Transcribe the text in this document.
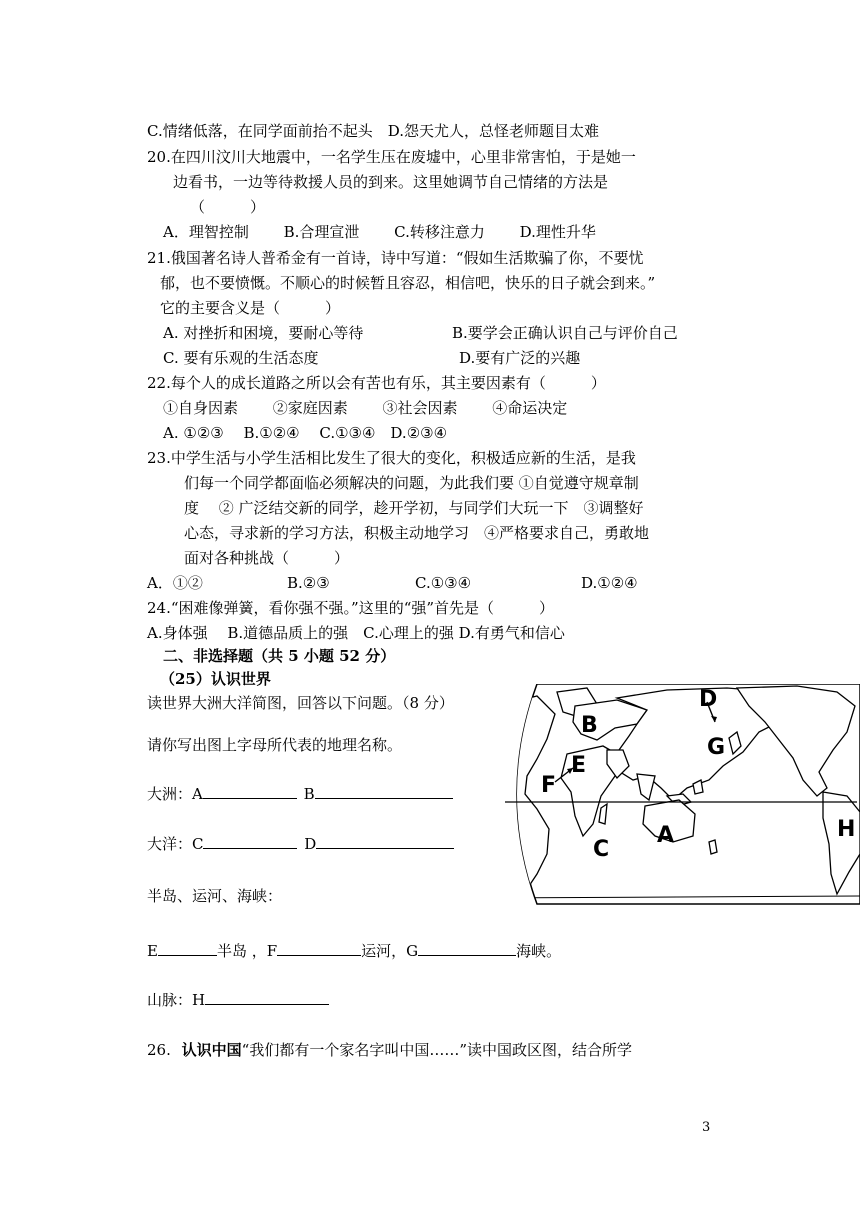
C.情绪低落，在同学面前抬不起头　D.怨天尤人，总怪老师题目太难
20.在四川汶川大地震中，一名学生压在废墟中，心里非常害怕，于是她一
边看书，一边等待救援人员的到来。这里她调节自己情绪的方法是
（　　　）
A．理智控制　　 B.合理宣泄　　 C.转移注意力　　 D.理性升华
21.俄国著名诗人普希金有一首诗，诗中写道：“假如生活欺骗了你，不要忧
郁，也不要愤慨。不顺心的时候暂且容忍，相信吧，快乐的日子就会到来。”
它的主要含义是（　　　）
A. 对挫折和困境，要耐心等待	B.要学会正确认识自己与评价自己
C. 要有乐观的生活态度	D.要有广泛的兴趣
22.每个人的成长道路之所以会有苦也有乐，其主要因素有（　　　）
①自身因素　　 ②家庭因素　　 ③社会因素　　 ④命运决定
A. ①②③　 B.①②④　 C.①③④　D.②③④
23.中学生活与小学生活相比发生了很大的变化，积极适应新的生活，是我
们每一个同学都面临必须解决的问题，为此我们要 ①自觉遵守规章制
度　 ② 广泛结交新的同学，趁开学初，与同学们大玩一下　③调整好
心态，寻求新的学习方法，积极主动地学习　④严格要求自己，勇敢地
面对各种挑战（　　　）
A．①②	B.②③	C.①③④	D.①②④
24.“困难像弹簧，看你强不强。”这里的“强”首先是（　　　）
A.身体强　 B.道德品质上的强　C.心理上的强 D.有勇气和信心
二、非选择题（共 5 小题 52 分）
（25）认识世界
读世界大洲大洋简图，回答以下问题。（8 分）
请你写出图上字母所代表的地理名称。
大洲：A	B
大洋：C	D
半岛、运河、海峡：
E	半岛 ，F	运河，G	海峡。
山脉：H
26. 认识中国“我们都有一个家名字叫中国……”读中国政区图，结合所学
A
B
C
D
E
F
G
H
3
